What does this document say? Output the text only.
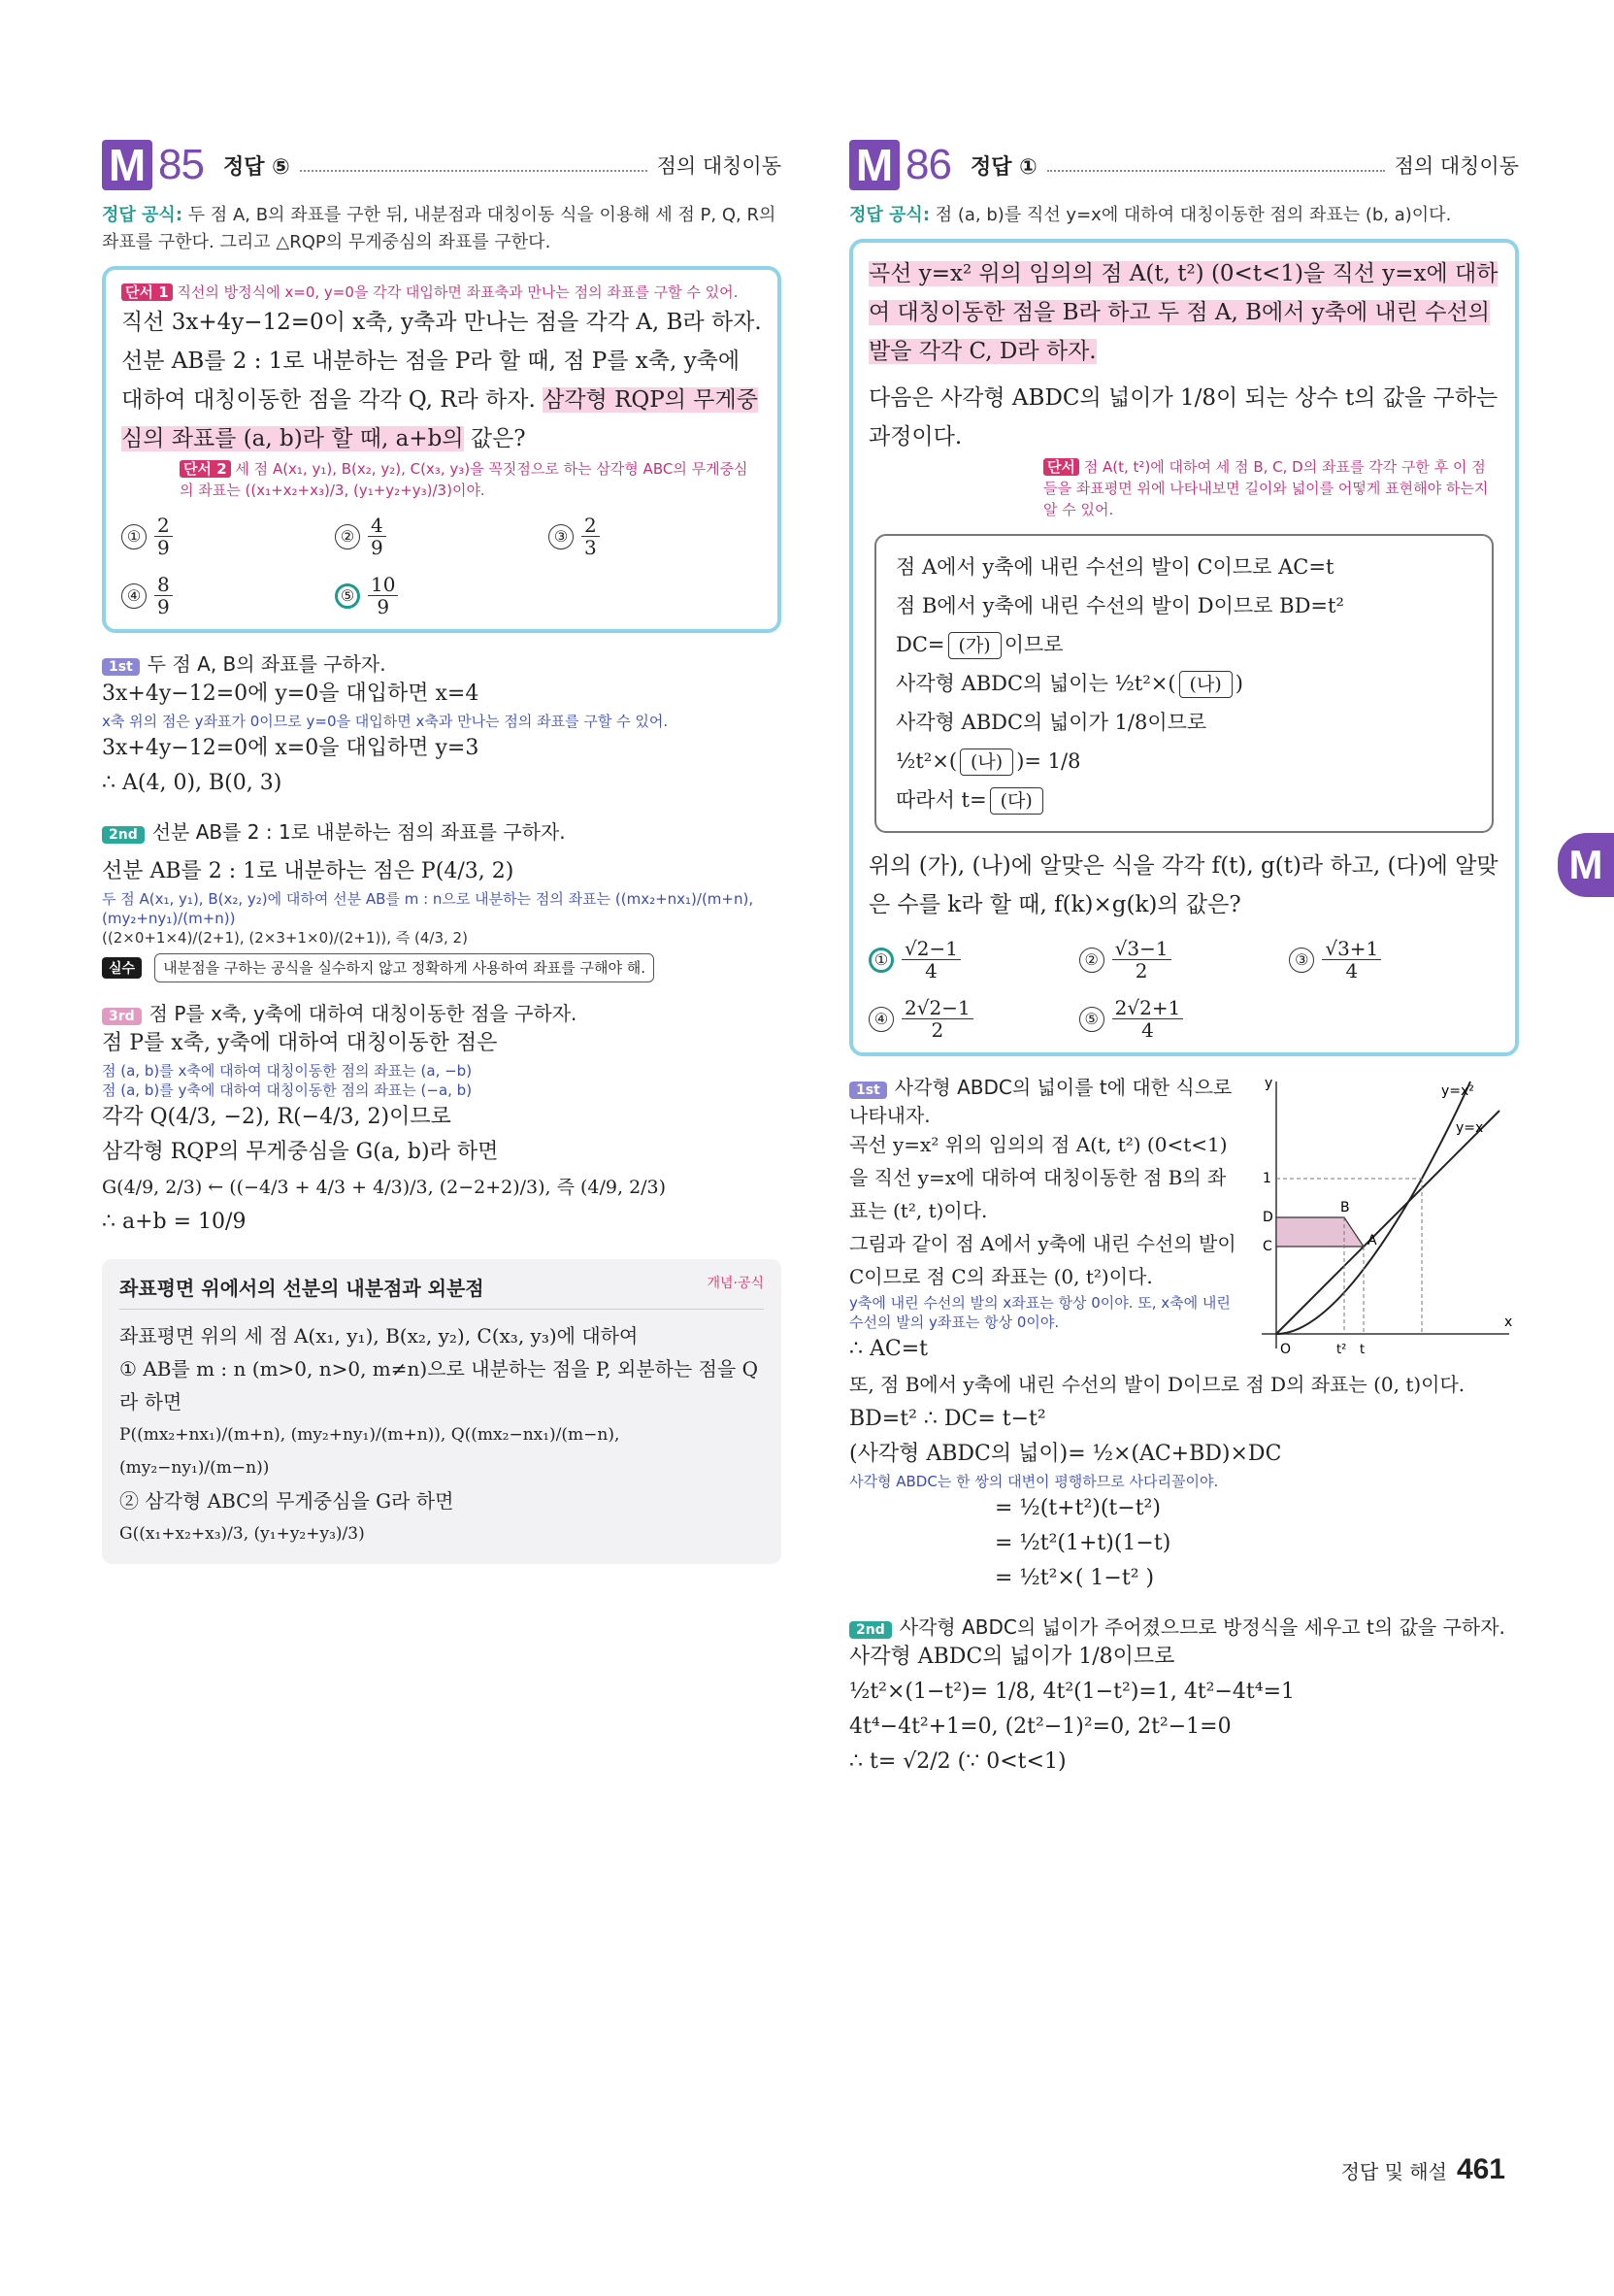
M 85 정답 ⑤	점의 대칭이동
정답 공식: 두 점 A, B의 좌표를 구한 뒤, 내분점과 대칭이동 식을 이용해 세 점 P, Q, R의 좌표를 구한다. 그리고 △RQP의 무게중심의 좌표를 구한다.
단서 1 직선의 방정식에 x=0, y=0을 각각 대입하면 좌표축과 만나는 점의 좌표를 구할 수 있어.
직선 3x+4y−12=0이 x축, y축과 만나는 점을 각각 A, B라 하자. 선분 AB를 2 : 1로 내분하는 점을 P라 할 때, 점 P를 x축, y축에 대하여 대칭이동한 점을 각각 Q, R라 하자. 삼각형 RQP의 무게중심의 좌표를 (a, b)라 할 때, a+b의 값은?
단서 2 세 점 A(x₁, y₁), B(x₂, y₂), C(x₃, y₃)을 꼭짓점으로 하는 삼각형 ABC의 무게중심의 좌표는 ((x₁+x₂+x₃)/3, (y₁+y₂+y₃)/3)이야.
① $\frac{2}{9}$	② $\frac{4}{9}$	③ $\frac{2}{3}$
④ $\frac{8}{9}$	⑤ $\frac{10}{9}$
1st 두 점 A, B의 좌표를 구하자.
3x+4y−12=0에 y=0을 대입하면 x=4
x축 위의 점은 y좌표가 0이므로 y=0을 대입하면 x축과 만나는 점의 좌표를 구할 수 있어.
3x+4y−12=0에 x=0을 대입하면 y=3
∴ A(4, 0), B(0, 3)
2nd 선분 AB를 2 : 1로 내분하는 점의 좌표를 구하자.
선분 AB를 2 : 1로 내분하는 점은 P(4/3, 2)
두 점 A(x₁, y₁), B(x₂, y₂)에 대하여 선분 AB를 m : n으로 내분하는 점의 좌표는 ((mx₂+nx₁)/(m+n), (my₂+ny₁)/(m+n))
((2×0+1×4)/(2+1), (2×3+1×0)/(2+1)), 즉 (4/3, 2)
실수 내분점을 구하는 공식을 실수하지 않고 정확하게 사용하여 좌표를 구해야 해.
3rd 점 P를 x축, y축에 대하여 대칭이동한 점을 구하자.
점 P를 x축, y축에 대하여 대칭이동한 점은
점 (a, b)를 x축에 대하여 대칭이동한 점의 좌표는 (a, −b)
점 (a, b)를 y축에 대하여 대칭이동한 점의 좌표는 (−a, b)
각각 Q(4/3, −2), R(−4/3, 2)이므로
삼각형 RQP의 무게중심을 G(a, b)라 하면
G(4/9, 2/3) ← ((−4/3 + 4/3 + 4/3)/3, (2−2+2)/3), 즉 (4/9, 2/3)
∴ a+b = 10/9
좌표평면 위에서의 선분의 내분점과 외분점	개념·공식
좌표평면 위의 세 점 A(x₁, y₁), B(x₂, y₂), C(x₃, y₃)에 대하여
① AB를 m : n (m>0, n>0, m≠n)으로 내분하는 점을 P, 외분하는 점을 Q라 하면
P((mx₂+nx₁)/(m+n), (my₂+ny₁)/(m+n)), Q((mx₂−nx₁)/(m−n), (my₂−ny₁)/(m−n))
② 삼각형 ABC의 무게중심을 G라 하면
G((x₁+x₂+x₃)/3, (y₁+y₂+y₃)/3)
M 86 정답 ①	점의 대칭이동
정답 공식: 점 (a, b)를 직선 y=x에 대하여 대칭이동한 점의 좌표는 (b, a)이다.
곡선 y=x² 위의 임의의 점 A(t, t²) (0<t<1)을 직선 y=x에 대하여 대칭이동한 점을 B라 하고 두 점 A, B에서 y축에 내린 수선의 발을 각각 C, D라 하자.
다음은 사각형 ABDC의 넓이가 1/8이 되는 상수 t의 값을 구하는 과정이다.
단서 점 A(t, t²)에 대하여 세 점 B, C, D의 좌표를 각각 구한 후 이 점들을 좌표평면 위에 나타내보면 길이와 넓이를 어떻게 표현해야 하는지 알 수 있어.
점 A에서 y축에 내린 수선의 발이 C이므로 AC=t
점 B에서 y축에 내린 수선의 발이 D이므로 BD=t²
DC= (가) 이므로
사각형 ABDC의 넓이는 ½t²×( (나) )
사각형 ABDC의 넓이가 1/8이므로
½t²×( (나) )= 1/8
따라서 t= (다)
위의 (가), (나)에 알맞은 식을 각각 f(t), g(t)라 하고, (다)에 알맞은 수를 k라 할 때, f(k)×g(k)의 값은?
① $\frac{√2-1}{4}$	② $\frac{√3-1}{2}$	③ $\frac{√3+1}{4}$
④ $\frac{2√2-1}{2}$	⑤ $\frac{2√2+1}{4}$
1st 사각형 ABDC의 넓이를 t에 대한 식으로 나타내자.
곡선 y=x² 위의 임의의 점 A(t, t²) (0<t<1)을 직선 y=x에 대하여 대칭이동한 점 B의 좌표는 (t², t)이다.
그림과 같이 점 A에서 y축에 내린 수선의 발이 C이므로 점 C의 좌표는 (0, t²)이다.
y축에 내린 수선의 발의 x좌표는 항상 0이야. 또, x축에 내린 수선의 발의 y좌표는 항상 0이야.
∴ AC=t
y
x
O
y=x²
y=x
1
t² t
A
B
C
D
또, 점 B에서 y축에 내린 수선의 발이 D이므로 점 D의 좌표는 (0, t)이다.
BD=t² ∴ DC= t−t²
(사각형 ABDC의 넓이)= ½×(AC+BD)×DC
사각형 ABDC는 한 쌍의 대변이 평행하므로 사다리꼴이야.
= ½(t+t²)(t−t²)
= ½t²(1+t)(1−t)
= ½t²×( 1−t² )
2nd 사각형 ABDC의 넓이가 주어졌으므로 방정식을 세우고 t의 값을 구하자.
사각형 ABDC의 넓이가 1/8이므로
½t²×(1−t²)= 1/8, 4t²(1−t²)=1, 4t²−4t⁴=1
4t⁴−4t²+1=0, (2t²−1)²=0, 2t²−1=0
∴ t= √2/2 (∵ 0<t<1)
M
정답 및 해설 461
